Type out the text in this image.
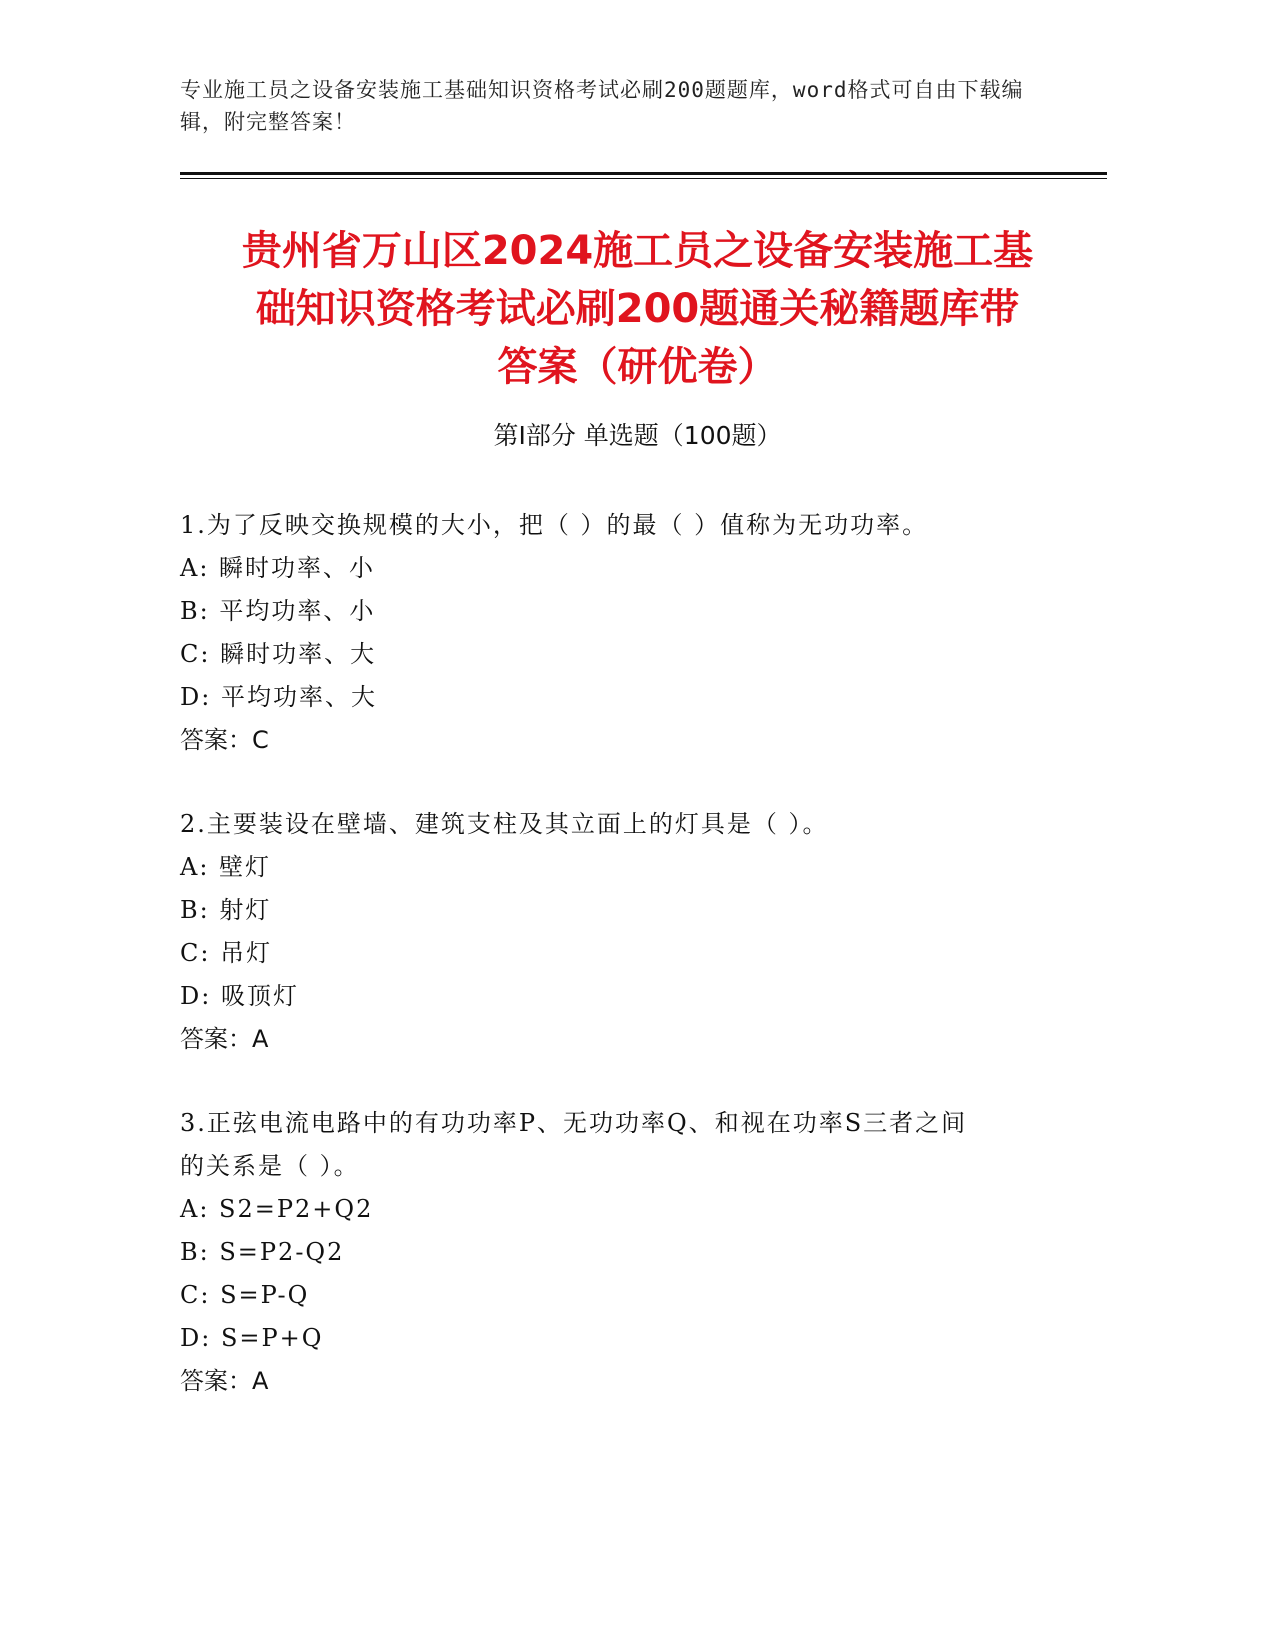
专业施工员之设备安装施工基础知识资格考试必刷200题题库，word格式可自由下载编辑，附完整答案！
贵州省万山区2024施工员之设备安装施工基
础知识资格考试必刷200题通关秘籍题库带
答案（研优卷）
第Ⅰ部分 单选题（100题）

1.为了反映交换规模的大小，把（ ）的最（ ）值称为无功功率。

A: 瞬时功率、小

B: 平均功率、小

C: 瞬时功率、大

D: 平均功率、大

答案：C

2.主要装设在壁墙、建筑支柱及其立面上的灯具是（ ）。

A: 壁灯

B: 射灯

C: 吊灯

D: 吸顶灯

答案：A

3.正弦电流电路中的有功功率P、无功功率Q、和视在功率S三者之间

的关系是（ ）。

A: S2=P2+Q2

B: S=P2-Q2

C: S=P-Q

D: S=P+Q

答案：A
